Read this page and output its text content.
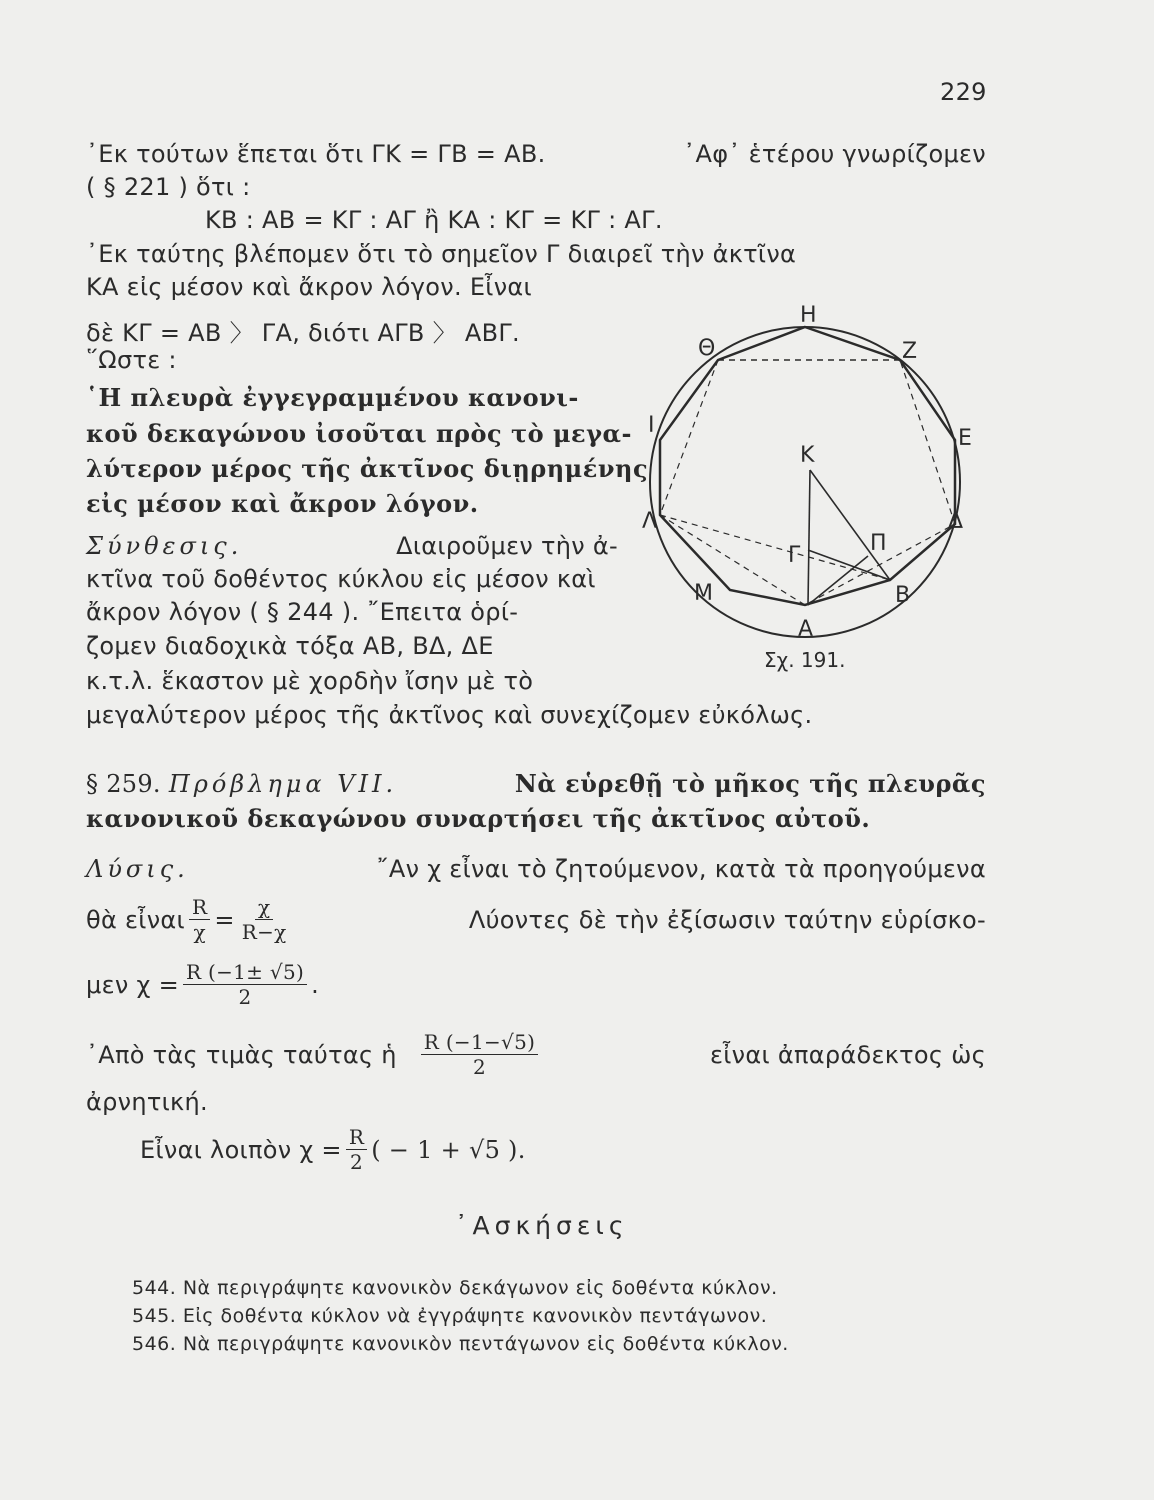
229
᾿Εκ τούτων ἕπεται ὅτι ΓΚ = ΓΒ = ΑΒ.	᾿Αφ᾿ ἑτέρου γνωρίζομεν
( § 221 ) ὅτι :
ΚΒ : ΑΒ = ΚΓ : ΑΓ ἢ ΚΑ : ΚΓ = ΚΓ : ΑΓ.
᾿Εκ ταύτης βλέπομεν ὅτι τὸ σημεῖον Γ διαιρεῖ τὴν ἀκτῖνα
ΚΑ εἰς μέσον καὶ ἄκρον λόγον. Εἶναι
δὲ ΚΓ = ΑΒ 〉 ΓΑ, διότι ΑΓΒ 〉 ΑΒΓ.
῞Ωστε :
῾Η πλευρὰ ἐγγεγραμμένου κανονι-
κοῦ δεκαγώνου ἰσοῦται πρὸς τὸ μεγα-
λύτερον μέρος τῆς ἀκτῖνος διῃρημένης
εἰς μέσον καὶ ἄκρον λόγον.
Σύνθεσις.	Διαιροῦμεν τὴν ἀ-
κτῖνα τοῦ δοθέντος κύκλου εἰς μέσον καὶ
ἄκρον λόγον ( § 244 ). ῎Επειτα ὁρί-
ζομεν διαδοχικὰ τόξα ΑΒ, ΒΔ, ΔΕ
κ.τ.λ. ἕκαστον μὲ χορδὴν ἴσην μὲ τὸ
μεγαλύτερον μέρος τῆς ἀκτῖνος καὶ συνεχίζομεν εὐκόλως.
Η
Ζ
Ε
Δ
Β
Α
Μ
Λ
Ι
Θ
Κ
Γ	Π
Σχ. 191.
§ 259. Πρόβλημα VII.	Νὰ εὑρεθῇ τὸ μῆκος τῆς πλευρᾶς
κανονικοῦ δεκαγώνου συναρτήσει τῆς ἀκτῖνος αὐτοῦ.
Λύσις.	῎Αν χ εἶναι τὸ ζητούμενον, κατὰ τὰ προηγούμενα
θὰ εἶναι $\frac{R}{\chi} = \frac{\chi}{R-\chi}$	Λύοντες δὲ τὴν ἐξίσωσιν ταύτην εὑρίσκο-
μεν $\chi = \frac{R (-1\pm √5)}{2}$ .
᾿Απὸ τὰς τιμὰς ταύτας ἡ $\frac{R (-1-√5)}{2}$	εἶναι ἀπαράδεκτος ὡς
ἀρνητική.
Εἶναι λοιπὸν $\chi = \frac{R}{2}$ ( − 1 + √5 ).
᾿Ασκήσεις
544. Νὰ περιγράψητε κανονικὸν δεκάγωνον εἰς δοθέντα κύκλον.
545. Εἰς δοθέντα κύκλον νὰ ἐγγράψητε κανονικὸν πεντάγωνον.
546. Νὰ περιγράψητε κανονικὸν πεντάγωνον εἰς δοθέντα κύκλον.
